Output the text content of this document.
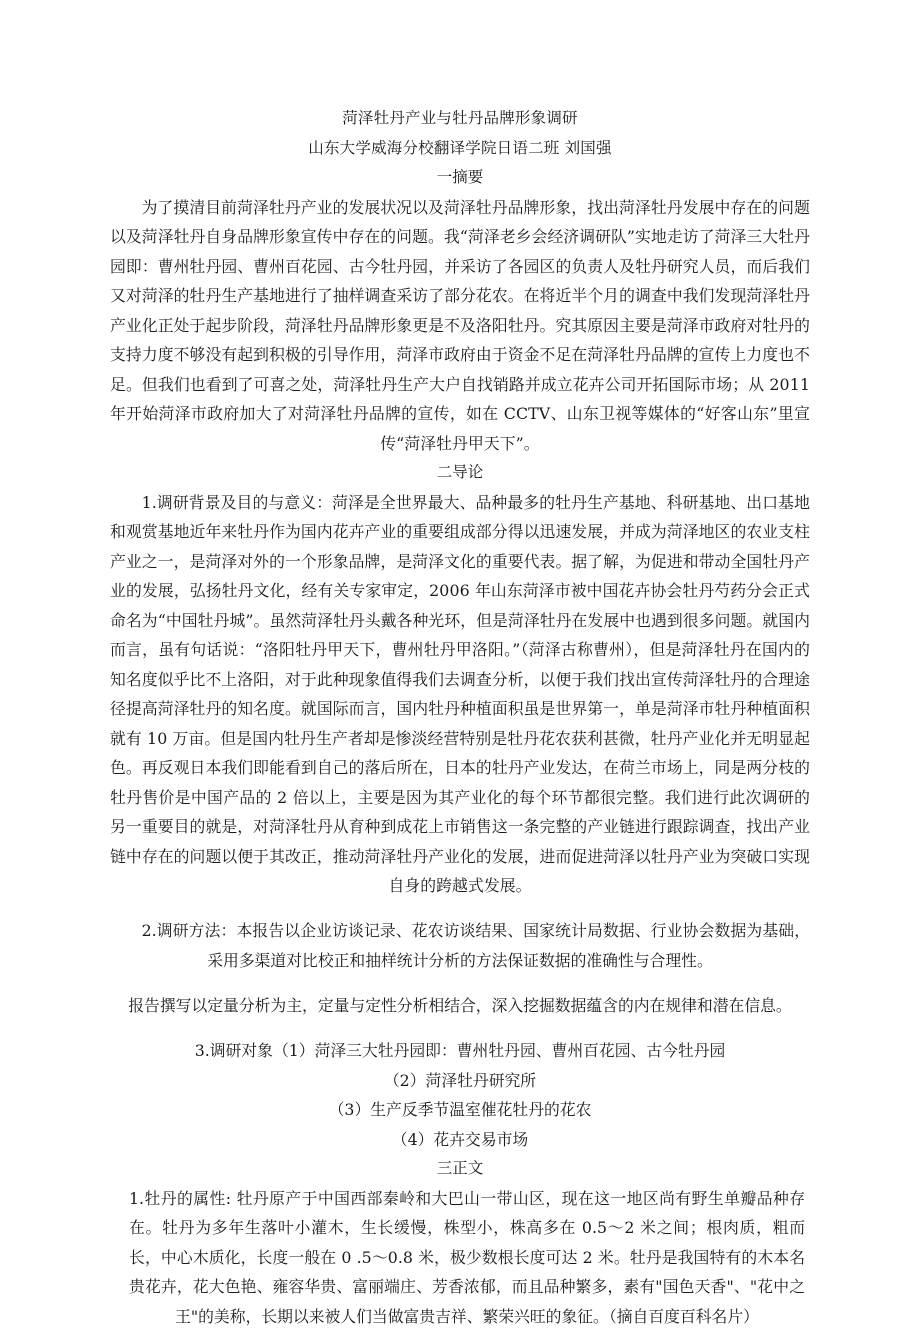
菏泽牡丹产业与牡丹品牌形象调研
山东大学威海分校翻译学院日语二班 刘国强
一摘要

为了摸清目前菏泽牡丹产业的发展状况以及菏泽牡丹品牌形象，找出菏泽牡丹发展中存在的问题以及菏泽牡丹自身品牌形象宣传中存在的问题。我“菏泽老乡会经济调研队”实地走访了菏泽三大牡丹园即：曹州牡丹园、曹州百花园、古今牡丹园，并采访了各园区的负责人及牡丹研究人员，而后我们又对菏泽的牡丹生产基地进行了抽样调查采访了部分花农。在将近半个月的调查中我们发现菏泽牡丹产业化正处于起步阶段，菏泽牡丹品牌形象更是不及洛阳牡丹。究其原因主要是菏泽市政府对牡丹的支持力度不够没有起到积极的引导作用，菏泽市政府由于资金不足在菏泽牡丹品牌的宣传上力度也不足。但我们也看到了可喜之处，菏泽牡丹生产大户自找销路并成立花卉公司开拓国际市场；从 2011 年开始菏泽市政府加大了对菏泽牡丹品牌的宣传，如在 CCTV、山东卫视等媒体的“好客山东”里宣传“菏泽牡丹甲天下”。

二导论

1.调研背景及目的与意义：菏泽是全世界最大、品种最多的牡丹生产基地、科研基地、出口基地和观赏基地近年来牡丹作为国内花卉产业的重要组成部分得以迅速发展，并成为菏泽地区的农业支柱产业之一，是菏泽对外的一个形象品牌，是菏泽文化的重要代表。据了解，为促进和带动全国牡丹产业的发展，弘扬牡丹文化，经有关专家审定，2006 年山东菏泽市被中国花卉协会牡丹芍药分会正式命名为“中国牡丹城”。虽然菏泽牡丹头戴各种光环，但是菏泽牡丹在发展中也遇到很多问题。就国内而言，虽有句话说：“洛阳牡丹甲天下，曹州牡丹甲洛阳。”（菏泽古称曹州），但是菏泽牡丹在国内的知名度似乎比不上洛阳，对于此种现象值得我们去调查分析，以便于我们找出宣传菏泽牡丹的合理途径提高菏泽牡丹的知名度。就国际而言，国内牡丹种植面积虽是世界第一，单是菏泽市牡丹种植面积就有 10 万亩。但是国内牡丹生产者却是惨淡经营特别是牡丹花农获利甚微，牡丹产业化并无明显起色。再反观日本我们即能看到自己的落后所在，日本的牡丹产业发达，在荷兰市场上，同是两分枝的牡丹售价是中国产品的 2 倍以上，主要是因为其产业化的每个环节都很完整。我们进行此次调研的另一重要目的就是，对菏泽牡丹从育种到成花上市销售这一条完整的产业链进行跟踪调查，找出产业链中存在的问题以便于其改正，推动菏泽牡丹产业化的发展，进而促进菏泽以牡丹产业为突破口实现自身的跨越式发展。

2.调研方法：本报告以企业访谈记录、花农访谈结果、国家统计局数据、行业协会数据为基础，采用多渠道对比校正和抽样统计分析的方法保证数据的准确性与合理性。

报告撰写以定量分析为主，定量与定性分析相结合，深入挖掘数据蕴含的内在规律和潜在信息。

3.调研对象（1）菏泽三大牡丹园即：曹州牡丹园、曹州百花园、古今牡丹园
（2）菏泽牡丹研究所
（3）生产反季节温室催花牡丹的花农
（4）花卉交易市场
三正文

1.牡丹的属性: 牡丹原产于中国西部秦岭和大巴山一带山区，现在这一地区尚有野生单瓣品种存在。牡丹为多年生落叶小灌木，生长缓慢，株型小，株高多在 0.5～2 米之间；根肉质，粗而长，中心木质化，长度一般在 0 .5～0.8 米，极少数根长度可达 2 米。牡丹是我国特有的木本名贵花卉，花大色艳、雍容华贵、富丽端庄、芳香浓郁，而且品种繁多，素有"国色天香"、"花中之王"的美称，长期以来被人们当做富贵吉祥、繁荣兴旺的象征。（摘自百度百科名片）
